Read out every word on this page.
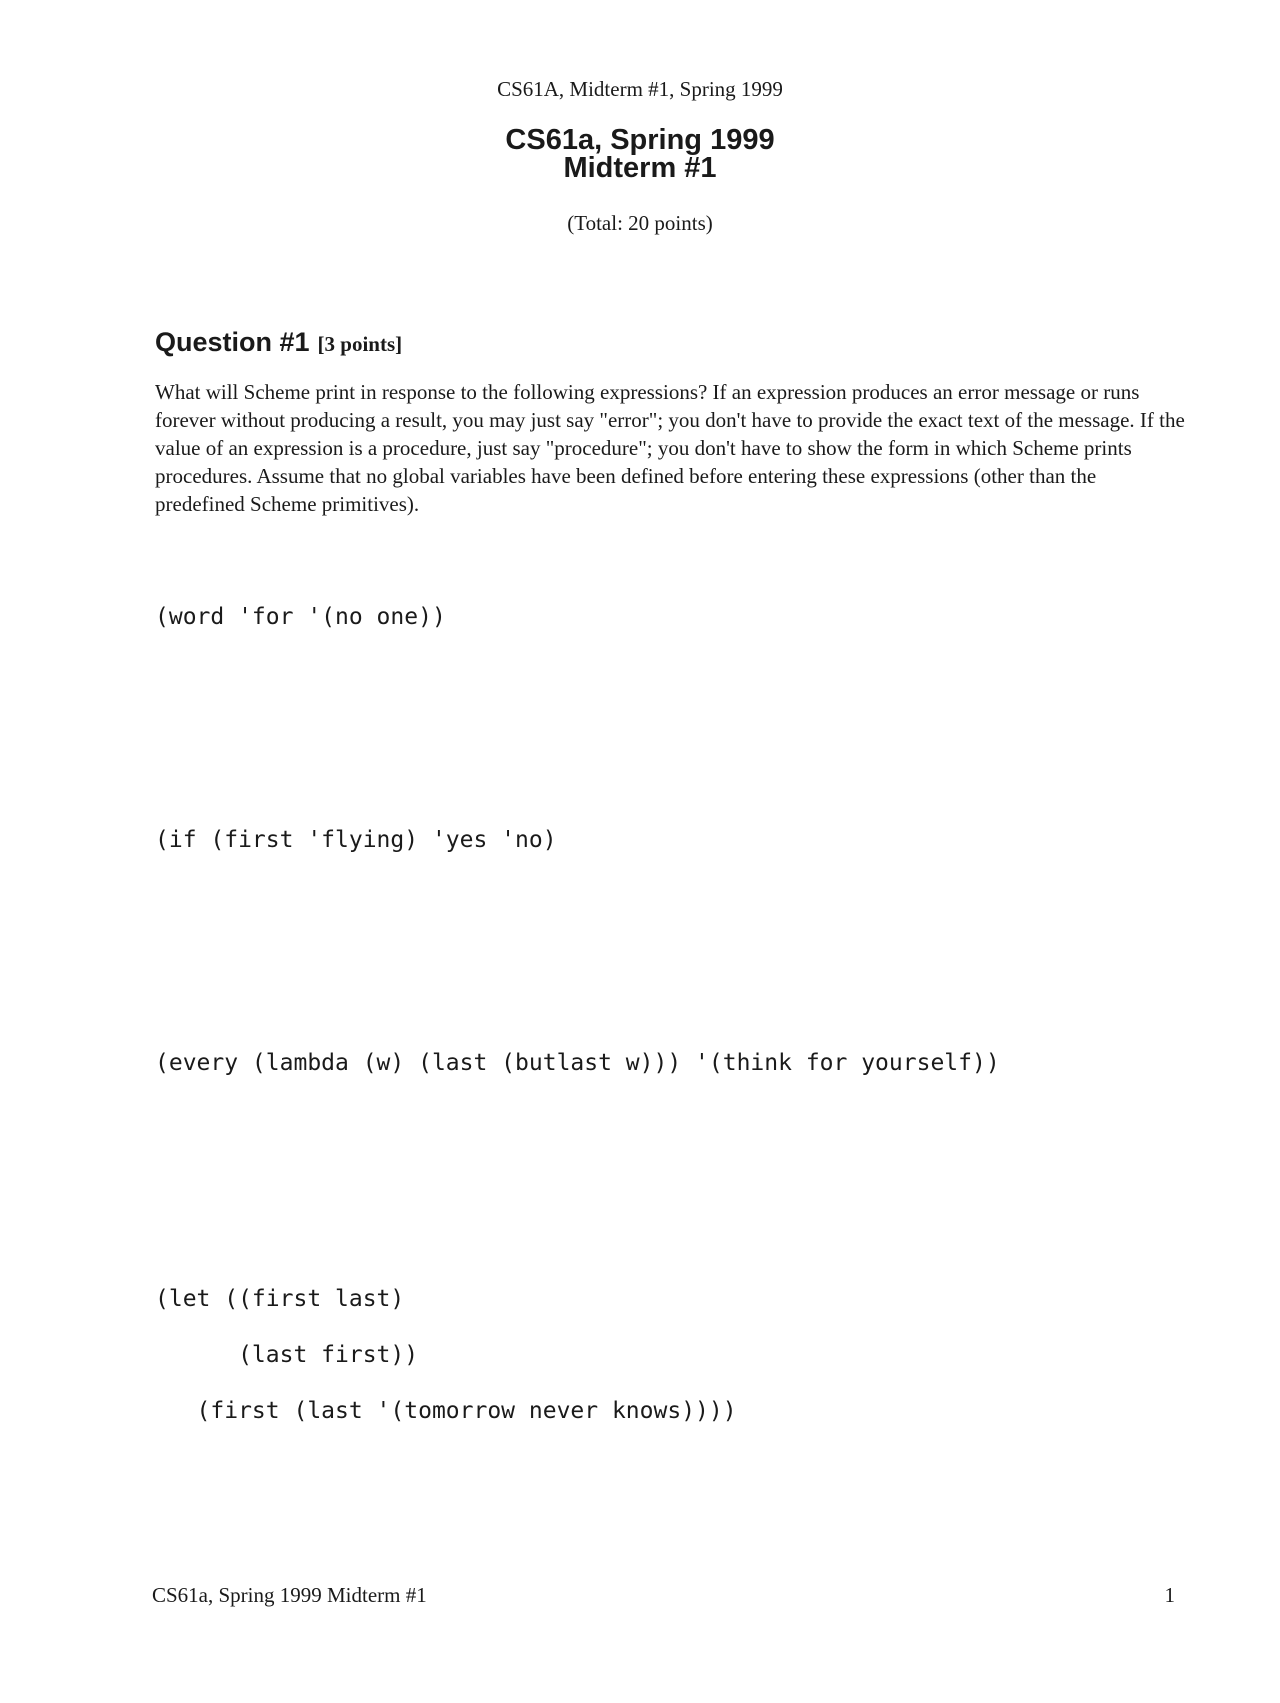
CS61A, Midterm #1, Spring 1999
CS61a, Spring 1999
Midterm #1
(Total: 20 points)
Question #1 [3 points]

What will Scheme print in response to the following expressions? If an expression produces an error message or runs forever without producing a result, you may just say "error"; you don't have to provide the exact text of the message. If the value of an expression is a procedure, just say "procedure"; you don't have to show the form in which Scheme prints procedures. Assume that no global variables have been defined before entering these expressions (other than the predefined Scheme primitives).

(word 'for '(no one))
(if (first 'flying) 'yes 'no)
(every (lambda (w) (last (butlast w))) '(think for yourself))
(let ((first last)
(last first))
(first (last '(tomorrow never knows))))
CS61a, Spring 1999 Midterm #1	1
